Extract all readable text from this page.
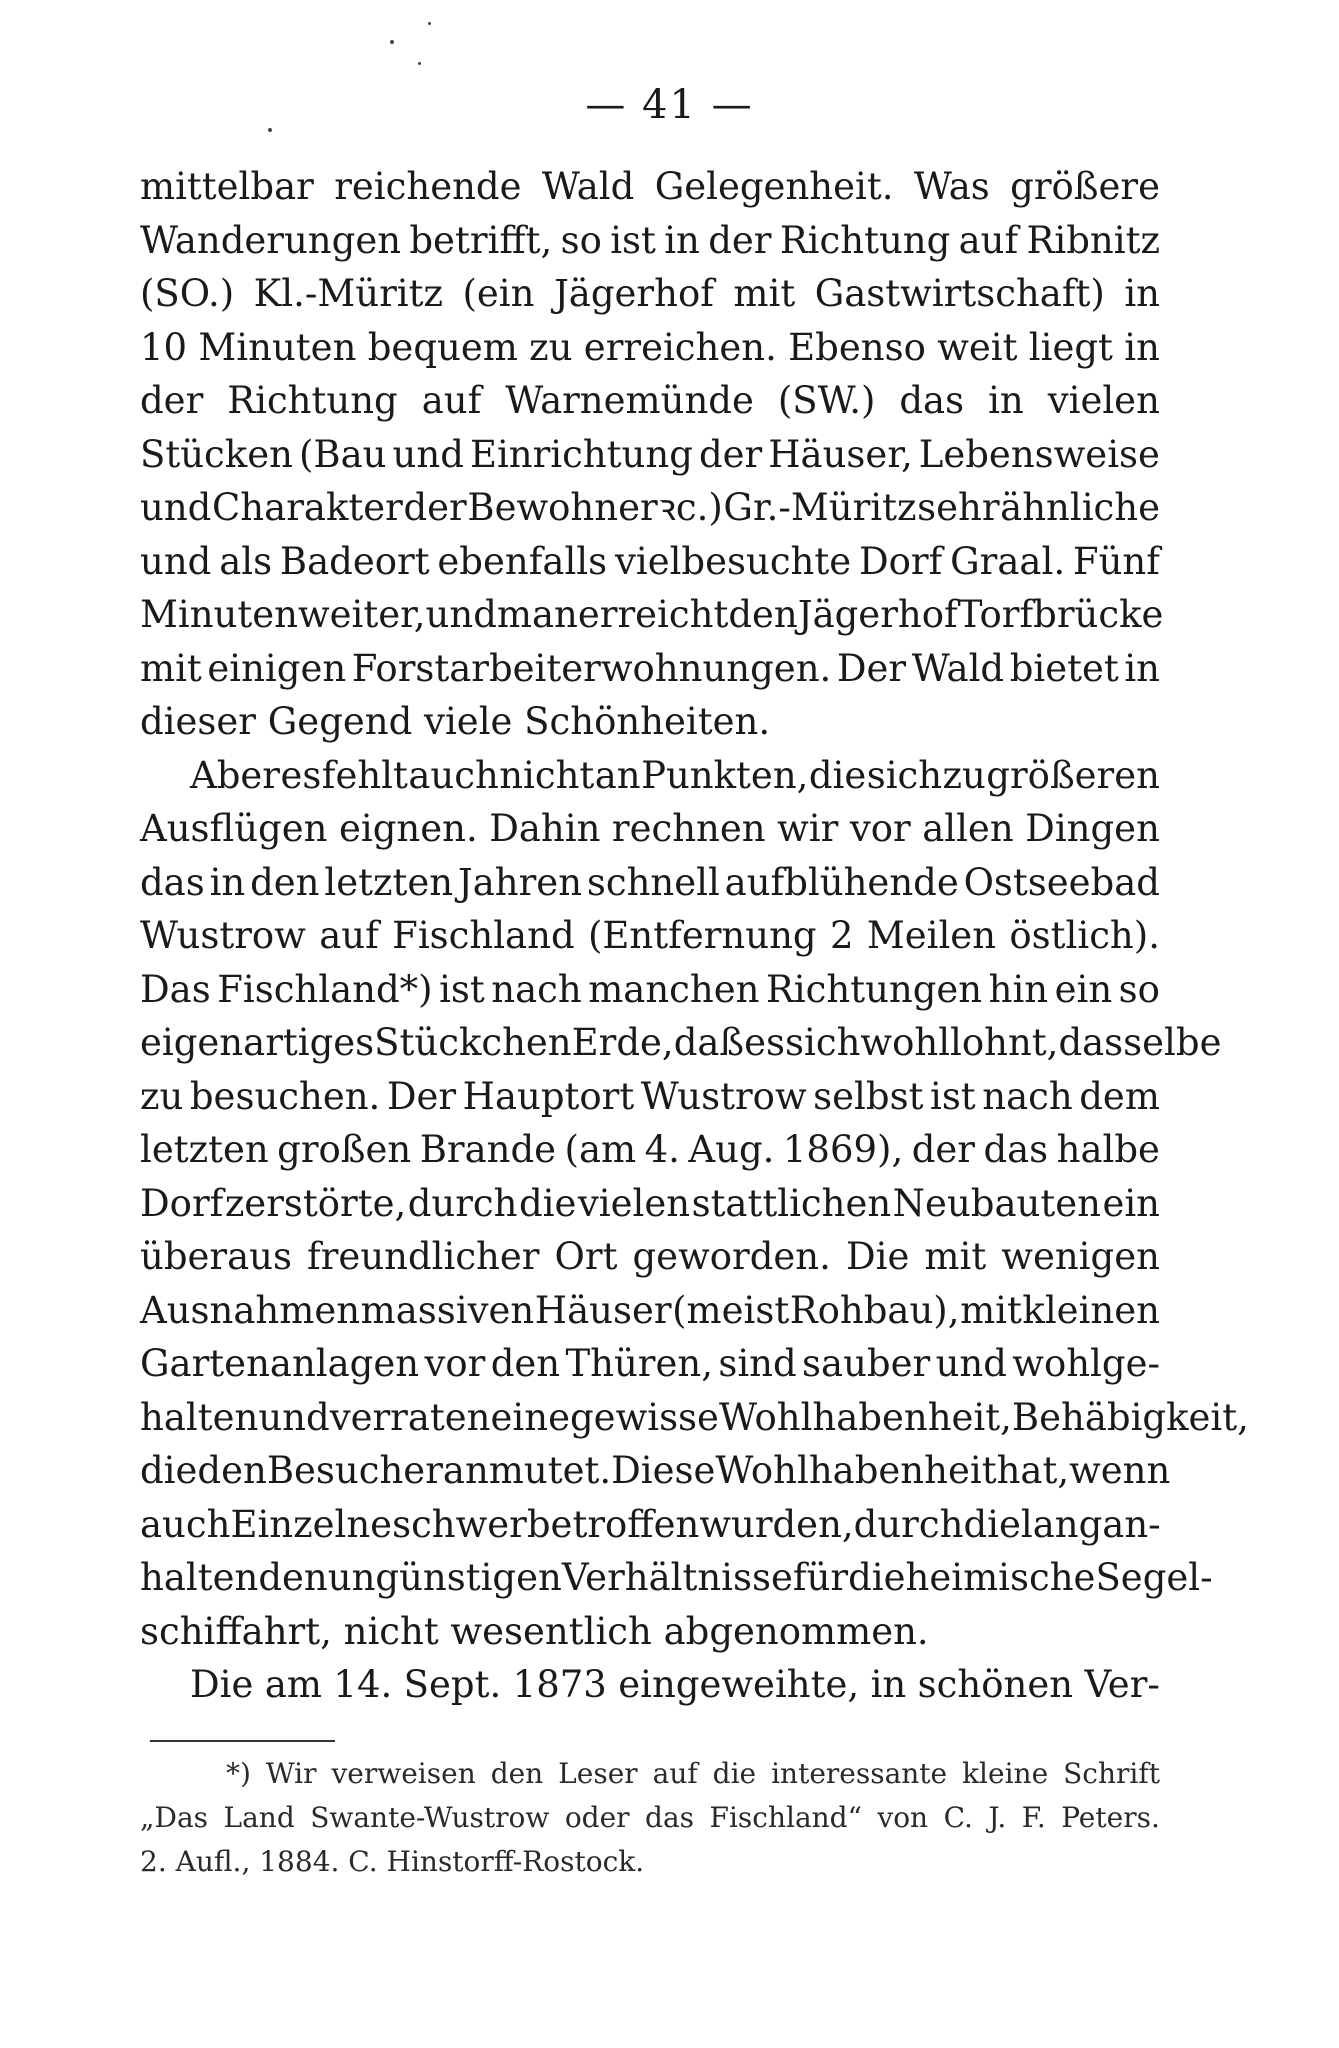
— 41 —
mittelbar reichende Wald Gelegenheit. Was größere
Wanderungen betrifft, so ist in der Richtung auf Ribnitz
(SO.) Kl.-Müritz (ein Jägerhof mit Gastwirtschaft) in
10 Minuten bequem zu erreichen. Ebenso weit liegt in
der Richtung auf Warnemünde (SW.) das in vielen
Stücken (Bau und Einrichtung der Häuser, Lebensweise
und Charakter der Bewohner ꝛc.) Gr.-Müritz sehr ähnliche
und als Badeort ebenfalls vielbesuchte Dorf Graal. Fünf
Minuten weiter, und man erreicht den Jägerhof Torfbrücke
mit einigen Forstarbeiterwohnungen. Der Wald bietet in
dieser Gegend viele Schönheiten.
Aber es fehlt auch nicht an Punkten, die sich zu größeren
Ausflügen eignen. Dahin rechnen wir vor allen Dingen
das in den letzten Jahren schnell aufblühende Ostseebad
Wustrow auf Fischland (Entfernung 2 Meilen östlich).
Das Fischland*) ist nach manchen Richtungen hin ein so
eigenartiges Stückchen Erde, daß es sich wohl lohnt, dasselbe
zu besuchen. Der Hauptort Wustrow selbst ist nach dem
letzten großen Brande (am 4. Aug. 1869), der das halbe
Dorf zerstörte, durch die vielen stattlichen Neubauten ein
überaus freundlicher Ort geworden. Die mit wenigen
Ausnahmen massiven Häuser (meist Rohbau), mit kleinen
Gartenanlagen vor den Thüren, sind sauber und wohlge-
halten und verraten eine gewisse Wohlhabenheit, Behäbigkeit,
die den Besucher anmutet. Diese Wohlhabenheit hat, wenn
auch Einzelne schwer betroffen wurden, durch die lang an-
haltenden ungünstigen Verhältnisse für die heimische Segel-
schiffahrt, nicht wesentlich abgenommen.
Die am 14. Sept. 1873 eingeweihte, in schönen Ver-
*) Wir verweisen den Leser auf die interessante kleine Schrift
„Das Land Swante-Wustrow oder das Fischland“ von C. J. F. Peters.
2. Aufl., 1884. C. Hinstorff-Rostock.
